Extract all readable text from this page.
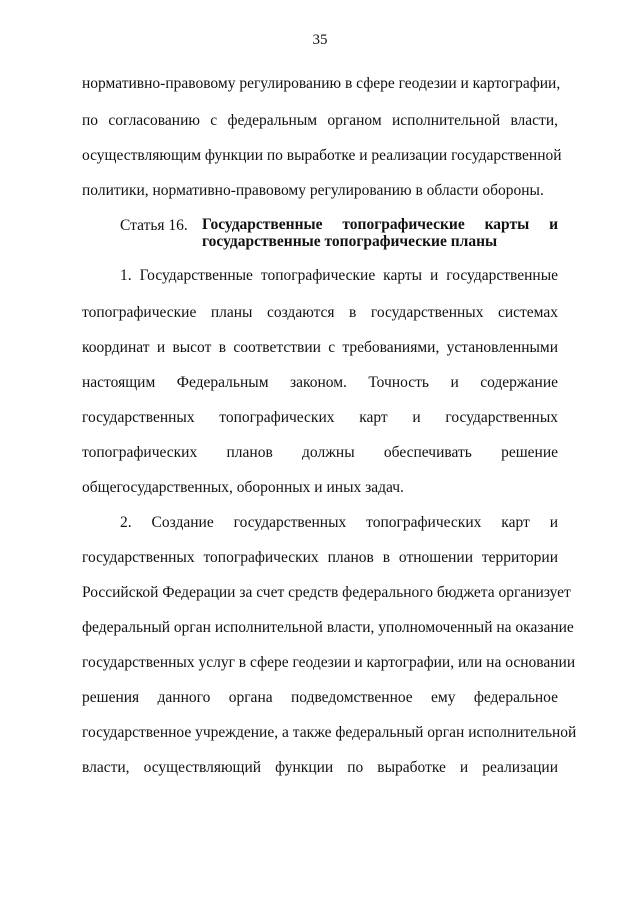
35
нормативно-правовому регулированию в сфере геодезии и картографии,
по согласованию с федеральным органом исполнительной власти,
осуществляющим функции по выработке и реализации государственной
политики, нормативно-правовому регулированию в области обороны.
Статья 16. Государственные топографические карты и
государственные топографические планы
1. Государственные топографические карты и государственные
топографические планы создаются в государственных системах
координат и высот в соответствии с требованиями, установленными
настоящим Федеральным законом. Точность и содержание
государственных топографических карт и государственных
топографических планов должны обеспечивать решение
общегосударственных, оборонных и иных задач.
2. Создание государственных топографических карт и
государственных топографических планов в отношении территории
Российской Федерации за счет средств федерального бюджета организует
федеральный орган исполнительной власти, уполномоченный на оказание
государственных услуг в сфере геодезии и картографии, или на основании
решения данного органа подведомственное ему федеральное
государственное учреждение, а также федеральный орган исполнительной
власти, осуществляющий функции по выработке и реализации
